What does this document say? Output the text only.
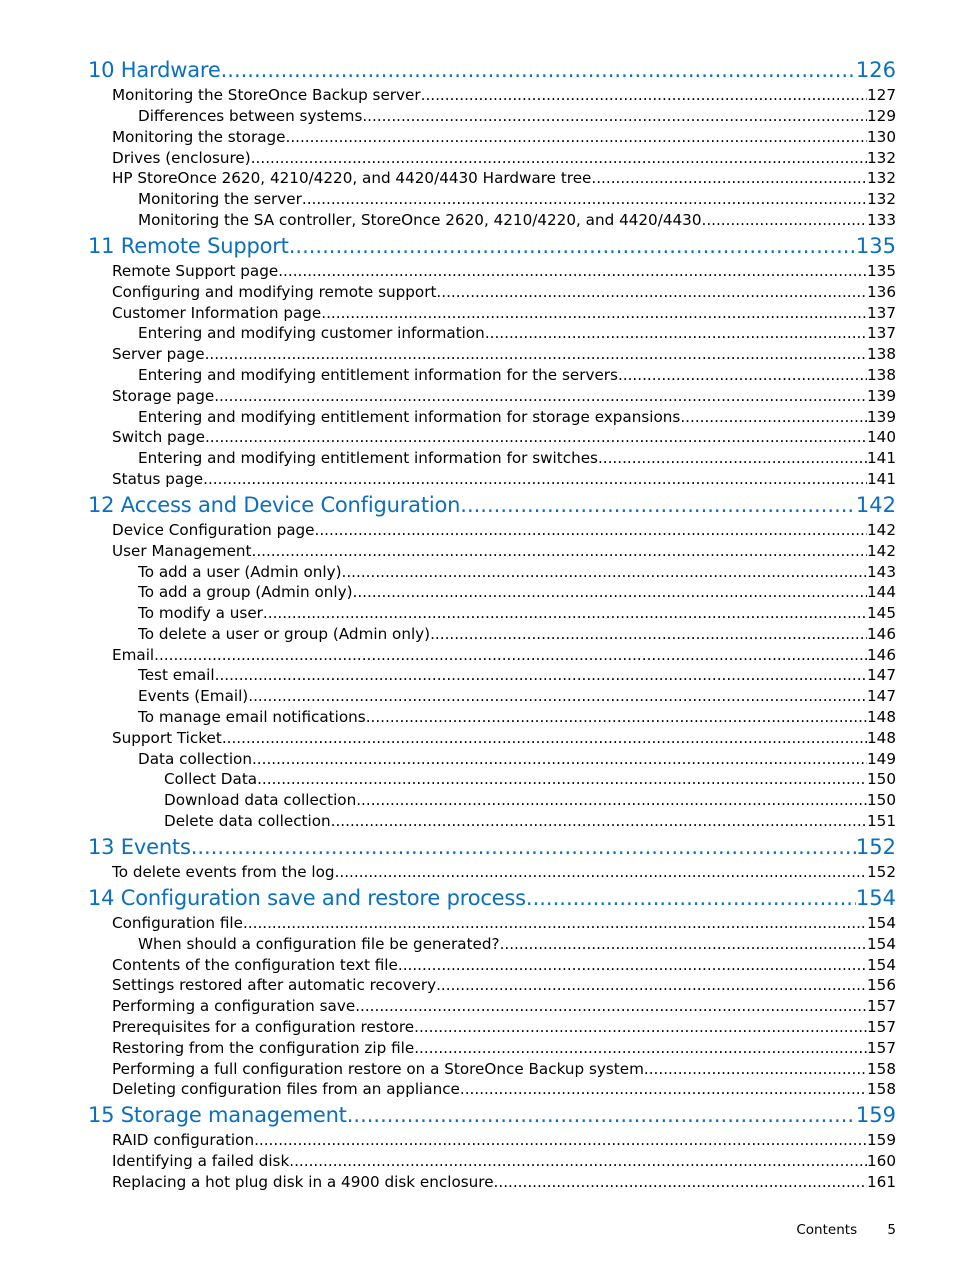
10 Hardware .....	126
Monitoring the StoreOnce Backup server .....	127
Differences between systems .....	129
Monitoring the storage .....	130
Drives (enclosure) .....	132
HP StoreOnce 2620, 4210/4220, and 4420/4430 Hardware tree .....	132
Monitoring the server .....	132
Monitoring the SA controller, StoreOnce 2620, 4210/4220, and 4420/4430 .....	133
11 Remote Support .....	135
Remote Support page .....	135
Configuring and modifying remote support .....	136
Customer Information page .....	137
Entering and modifying customer information .....	137
Server page .....	138
Entering and modifying entitlement information for the servers .....	138
Storage page .....	139
Entering and modifying entitlement information for storage expansions .....	139
Switch page .....	140
Entering and modifying entitlement information for switches .....	141
Status page .....	141
12 Access and Device Configuration .....	142
Device Configuration page .....	142
User Management .....	142
To add a user (Admin only) .....	143
To add a group (Admin only) .....	144
To modify a user .....	145
To delete a user or group (Admin only) .....	146
Email .....	146
Test email .....	147
Events (Email) .....	147
To manage email notifications .....	148
Support Ticket .....	148
Data collection .....	149
Collect Data .....	150
Download data collection .....	150
Delete data collection .....	151
13 Events .....	152
To delete events from the log .....	152
14 Configuration save and restore process .....	154
Configuration file .....	154
When should a configuration file be generated? .....	154
Contents of the configuration text file .....	154
Settings restored after automatic recovery .....	156
Performing a configuration save .....	157
Prerequisites for a configuration restore .....	157
Restoring from the configuration zip file .....	157
Performing a full configuration restore on a StoreOnce Backup system .....	158
Deleting configuration files from an appliance .....	158
15 Storage management .....	159
RAID configuration .....	159
Identifying a failed disk .....	160
Replacing a hot plug disk in a 4900 disk enclosure .....	161
Contents 5
